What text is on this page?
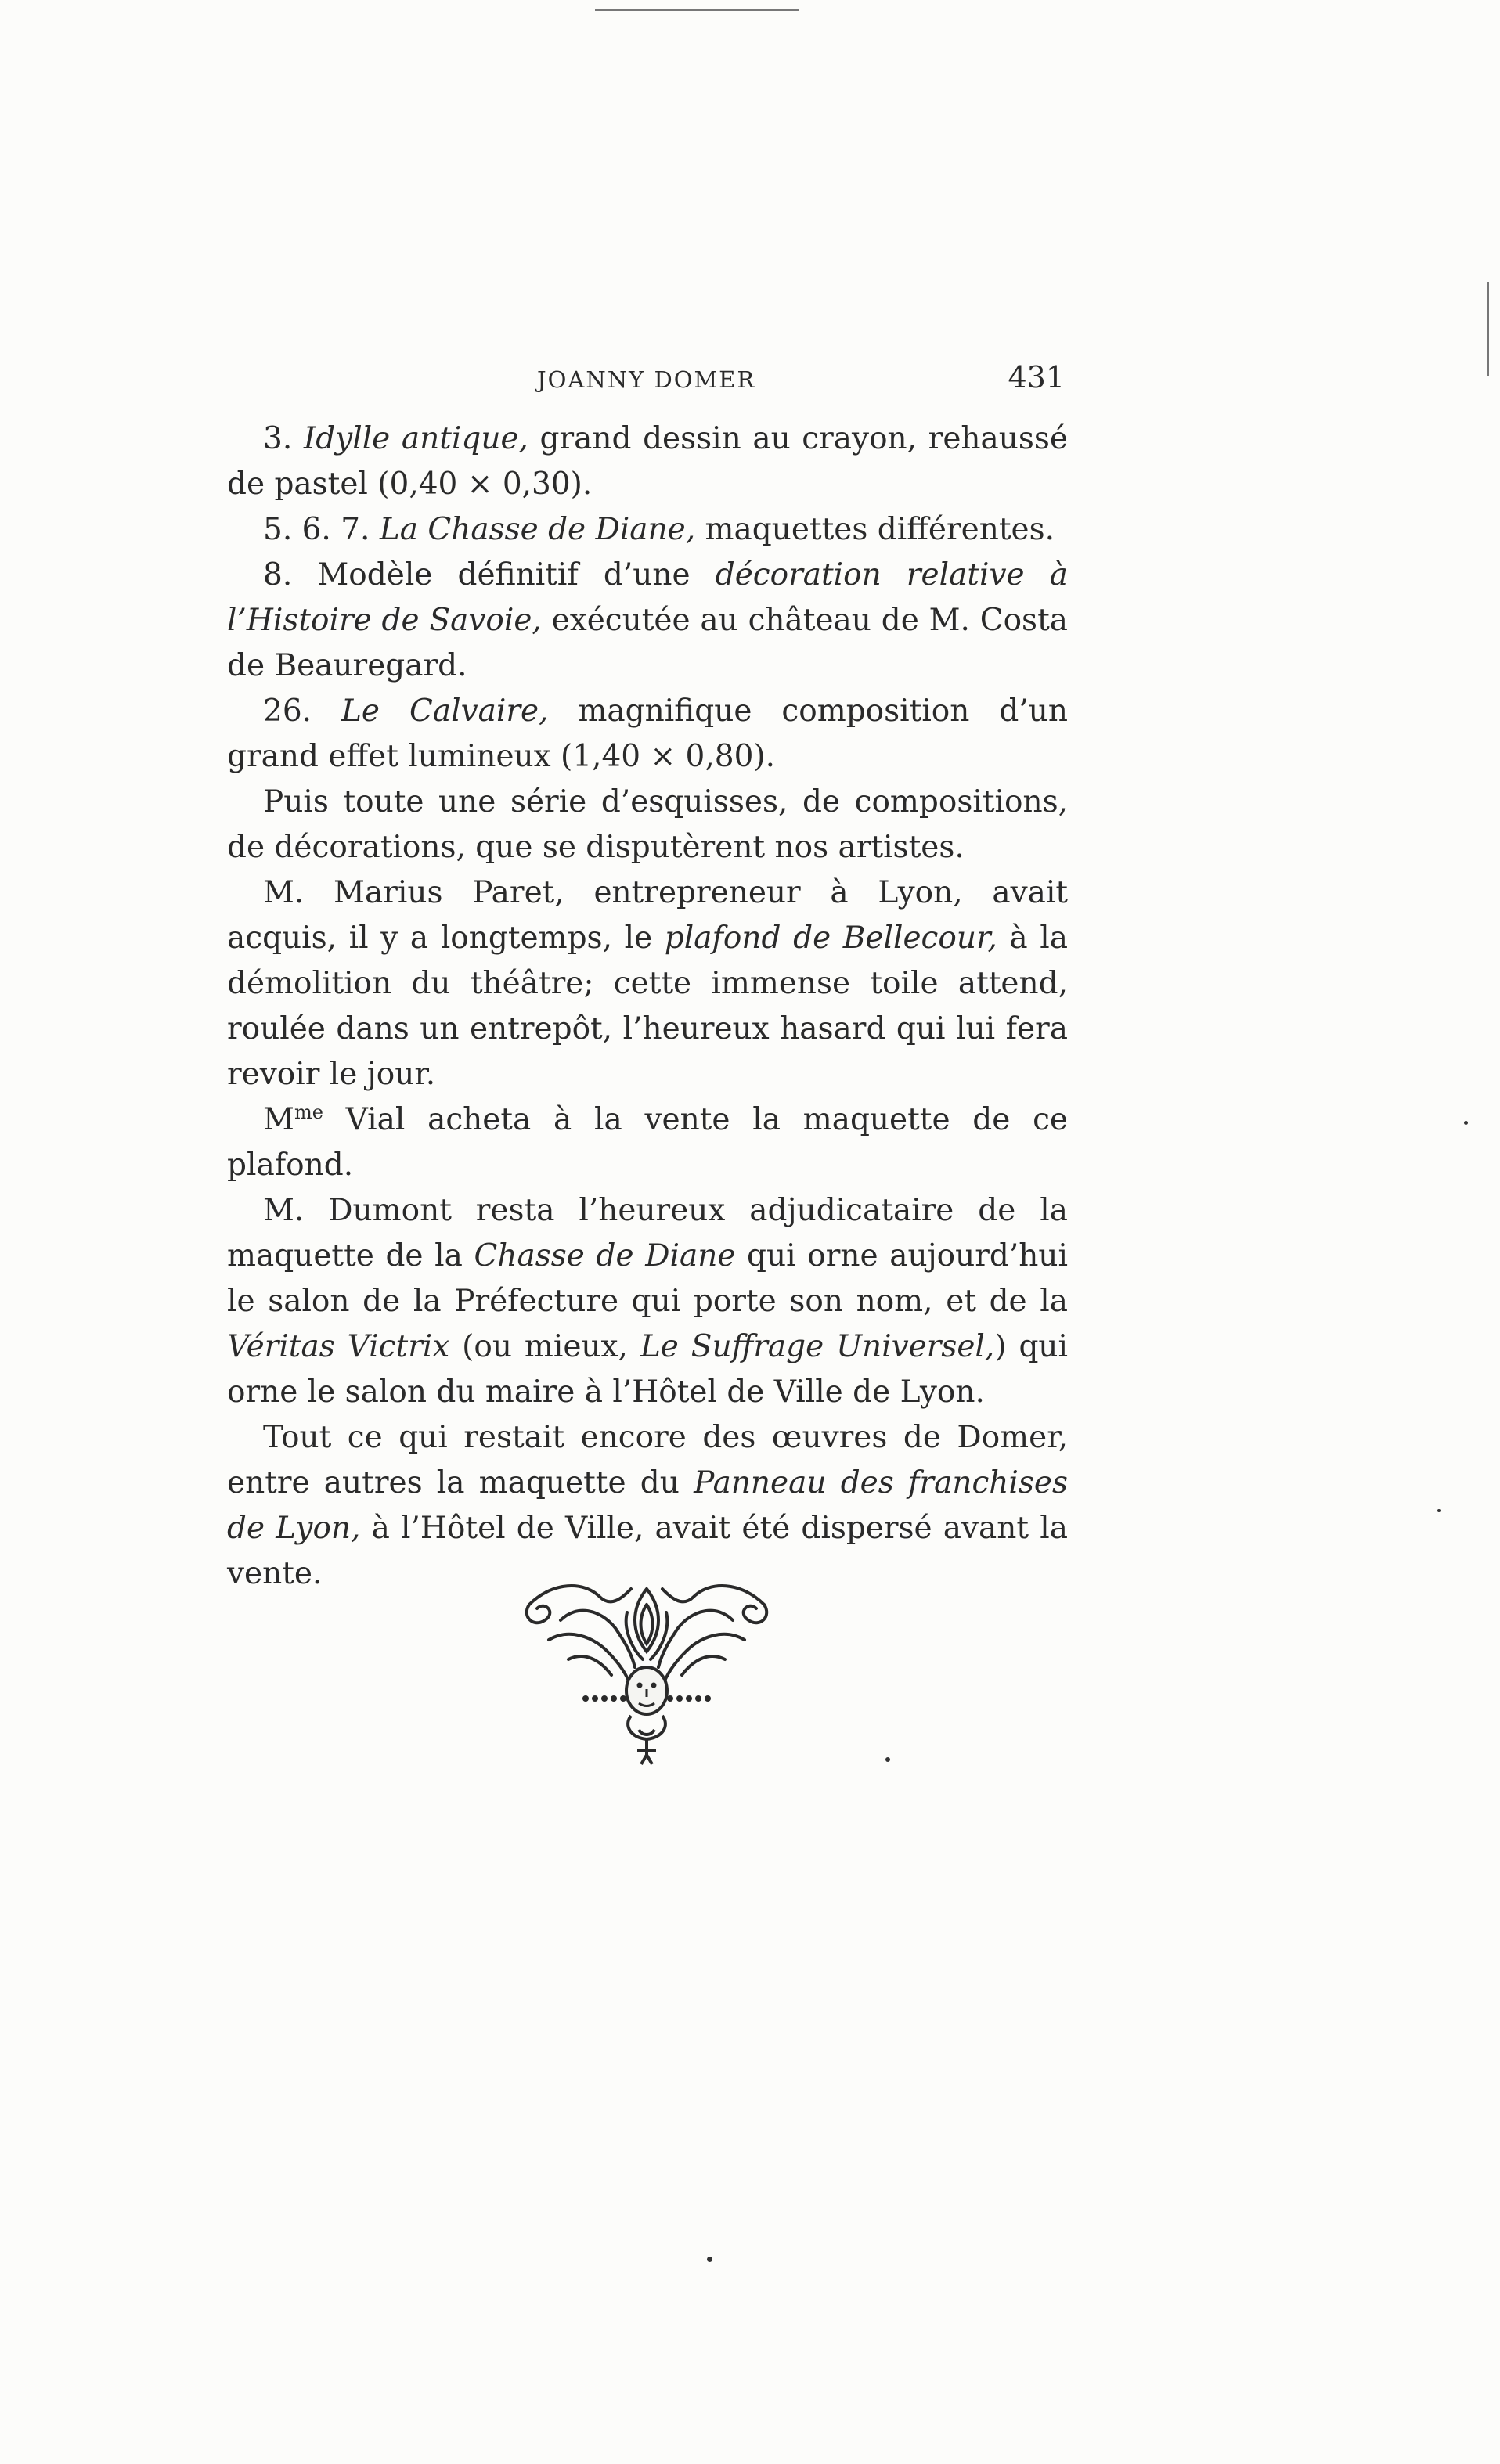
JOANNY DOMER	431

3. Idylle antique, grand dessin au crayon, rehaussé de pastel (0,40 × 0,30).

5. 6. 7. La Chasse de Diane, maquettes différentes.

8. Modèle définitif d’une décoration relative à l’Histoire de Savoie, exécutée au château de M. Costa de Beauregard.

26. Le Calvaire, magnifique composition d’un grand effet lumineux (1,40 × 0,80).

Puis toute une série d’esquisses, de compositions, de décorations, que se disputèrent nos artistes.

M. Marius Paret, entrepreneur à Lyon, avait acquis, il y a longtemps, le plafond de Bellecour, à la démolition du théâtre; cette immense toile attend, roulée dans un entrepôt, l’heureux hasard qui lui fera revoir le jour.

$M^{me}$ Vial acheta à la vente la maquette de ce plafond.

M. Dumont resta l’heureux adjudicataire de la maquette de la Chasse de Diane qui orne aujourd’hui le salon de la Préfecture qui porte son nom, et de la Véritas Victrix (ou mieux, Le Suffrage Universel,) qui orne le salon du maire à l’Hôtel de Ville de Lyon.

Tout ce qui restait encore des œuvres de Domer, entre autres la maquette du Panneau des franchises de Lyon, à l’Hôtel de Ville, avait été dispersé avant la vente.
